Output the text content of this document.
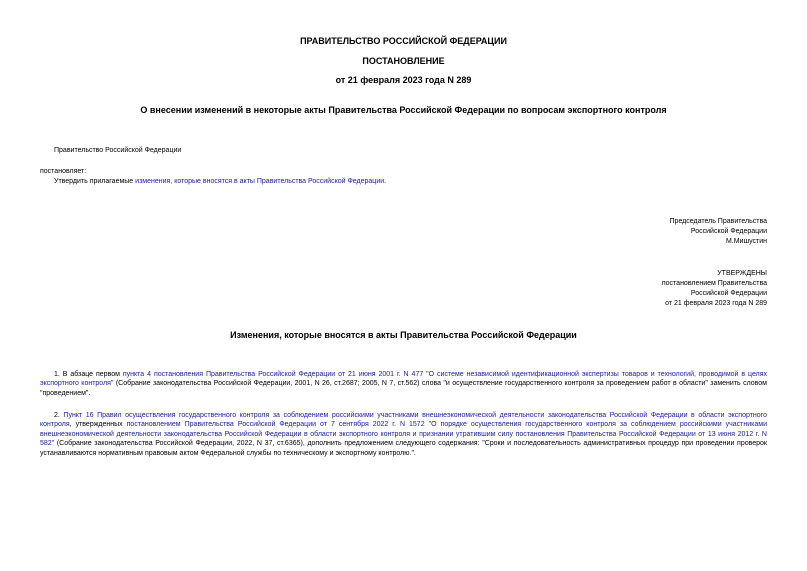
ПРАВИТЕЛЬСТВО РОССИЙСКОЙ ФЕДЕРАЦИИ
ПОСТАНОВЛЕНИЕ
от 21 февраля 2023 года N 289
О внесении изменений в некоторые акты Правительства Российской Федерации по вопросам экспортного контроля
Правительство Российской Федерации
постановляет:
Утвердить прилагаемые изменения, которые вносятся в акты Правительства Российской Федерации.
Председатель Правительства
Российской Федерации
М.Мишустин
УТВЕРЖДЕНЫ
постановлением Правительства
Российской Федерации
от 21 февраля 2023 года N 289
Изменения, которые вносятся в акты Правительства Российской Федерации
1. В абзаце первом пункта 4 постановления Правительства Российской Федерации от 21 июня 2001 г. N 477 "О системе независимой идентификационной экспертизы товаров и технологий, проводимой в целях экспортного контроля" (Собрание законодательства Российской Федерации, 2001, N 26, ст.2687; 2005, N 7, ст.562) слова "и осуществление государственного контроля за проведением работ в области" заменить словом "проведением".
2. Пункт 16 Правил осуществления государственного контроля за соблюдением российскими участниками внешнеэкономической деятельности законодательства Российской Федерации в области экспортного контроля, утвержденных постановлением Правительства Российской Федерации от 7 сентября 2022 г. N 1572 "О порядке осуществления государственного контроля за соблюдением российскими участниками внешнеэкономической деятельности законодательства Российской Федерации в области экспортного контроля и признании утратившим силу постановления Правительства Российской Федерации от 13 июня 2012 г. N 582" (Собрание законодательства Российской Федерации, 2022, N 37, ст.6365), дополнить предложением следующего содержания: "Сроки и последовательность административных процедур при проведении проверок устанавливаются нормативным правовым актом Федеральной службы по техническому и экспортному контролю.".
